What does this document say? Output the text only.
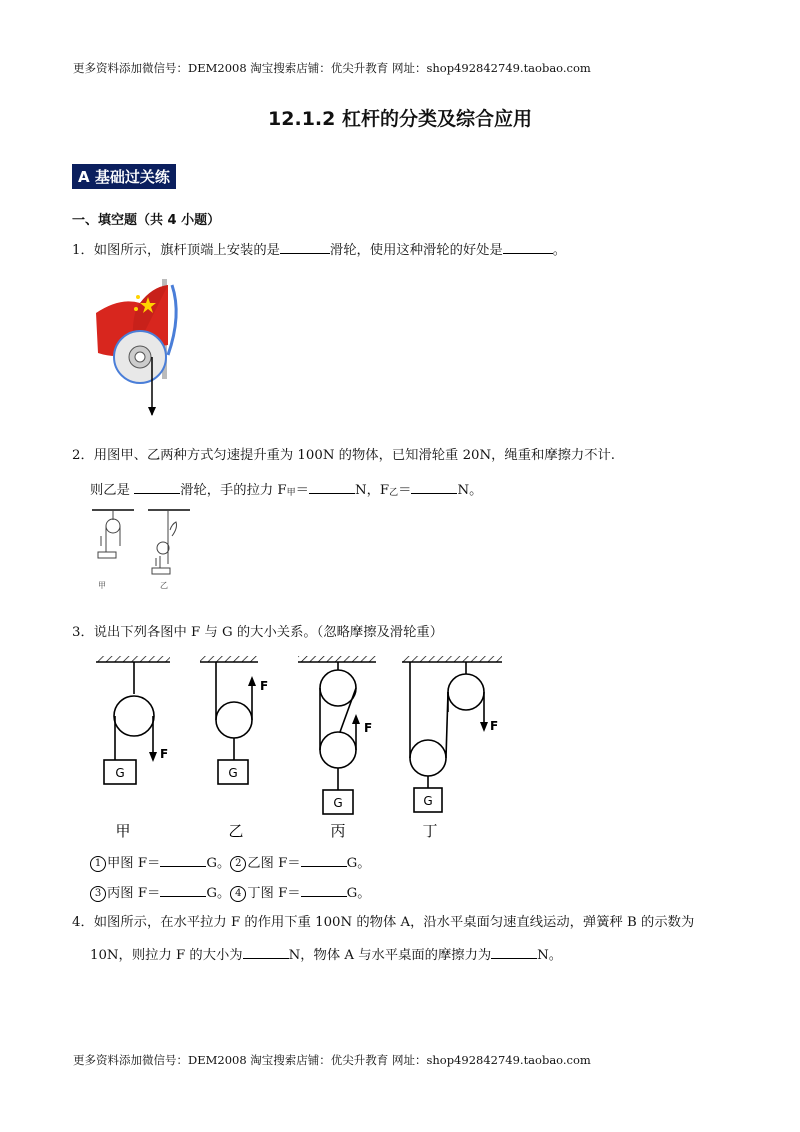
更多资料添加微信号：DEM2008 淘宝搜索店铺：优尖升教育 网址：shop492842749.taobao.com
12.1.2 杠杆的分类及综合应用
A 基础过关练
一、填空题（共 4 小题）
1．如图所示，旗杆顶端上安装的是	滑轮，使用这种滑轮的好处是	。
2．用图甲、乙两种方式匀速提升重为 100N 的物体，已知滑轮重 20N，绳重和摩擦力不计.
则乙是	滑轮，手的拉力 $F_甲=$	N，$F_乙=$	N。
甲	乙
3．说出下列各图中 F 与 G 的大小关系。（忽略摩擦及滑轮重）
F
F
F	F
G	G
G	G
甲	乙	丙	丁
1 甲图 F＝	G。 2 乙图 F＝	G。
3 丙图 F＝	G。 4 丁图 F＝	G。
4．如图所示，在水平拉力 F 的作用下重 100N 的物体 A，沿水平桌面匀速直线运动，弹簧秤 B 的示数为
10N，则拉力 F 的大小为	N，物体 A 与水平桌面的摩擦力为	N。
更多资料添加微信号：DEM2008 淘宝搜索店铺：优尖升教育 网址：shop492842749.taobao.com
